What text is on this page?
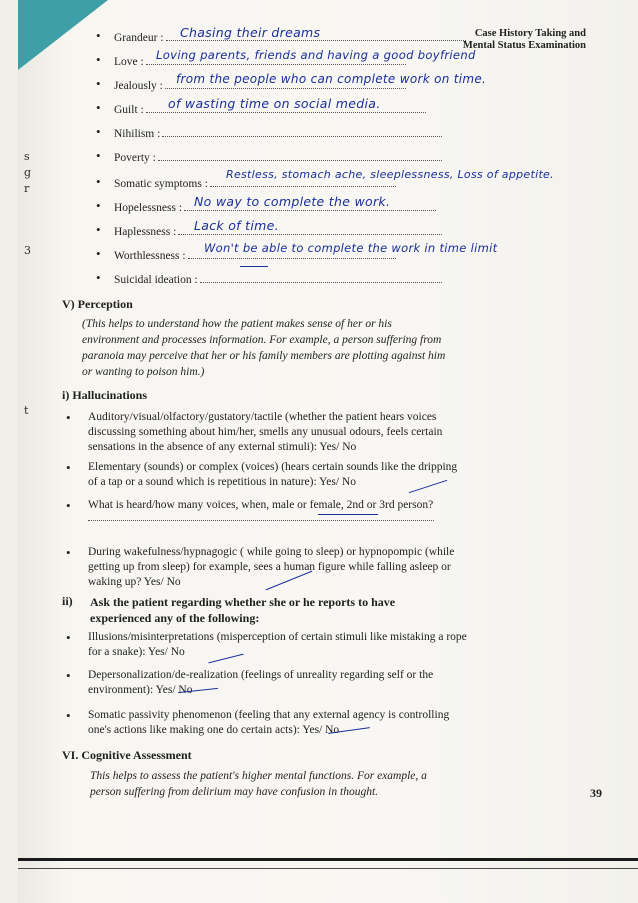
s
g
r
3
t
Case History Taking and
Mental Status Examination
•	Grandeur : Chasing their dreams
•	Love : Loving parents, friends and having a good boyfriend
•	Jealously : from the people who can complete work on time.
•	Guilt : of wasting time on social media.
•	Nihilism :
•	Poverty :
•	Somatic symptoms :
Restless, stomach ache, sleeplessness, Loss of appetite.
•	Hopelessness : No way to complete the work.
•	Haplessness : Lack of time.
•	Worthlessness :
Won't be able to complete the work in time limit
•	Suicidal ideation :
V) Perception
(This helps to understand how the patient makes sense of her or his environment and processes information. For example, a person suffering from paranoia may perceive that her or his family members are plotting against him or wanting to poison him.)
i) Hallucinations
• Auditory/visual/olfactory/gustatory/tactile (whether the patient hears voices discussing something about him/her, smells any unusual odours, feels certain sensations in the absence of any external stimuli): Yes/ No
• Elementary (sounds) or complex (voices) (hears certain sounds like the dripping of a tap or a sound which is repetitious in nature): Yes/ No
• What is heard/how many voices, when, male or female, 2nd or 3rd person?
• During wakefulness/hypnagogic ( while going to sleep) or hypnopompic (while getting up from sleep) for example, sees a human figure while falling asleep or waking up? Yes/ No
ii) Ask the patient regarding whether she or he reports to have experienced any of the following:
• Illusions/misinterpretations (misperception of certain stimuli like mistaking a rope for a snake): Yes/ No
• Depersonalization/de-realization (feelings of unreality regarding self or the environment): Yes/ No
• Somatic passivity phenomenon (feeling that any external agency is controlling one's actions like making one do certain acts): Yes/ No
VI. Cognitive Assessment
This helps to assess the patient's higher mental functions. For example, a person suffering from delirium may have confusion in thought.	39
